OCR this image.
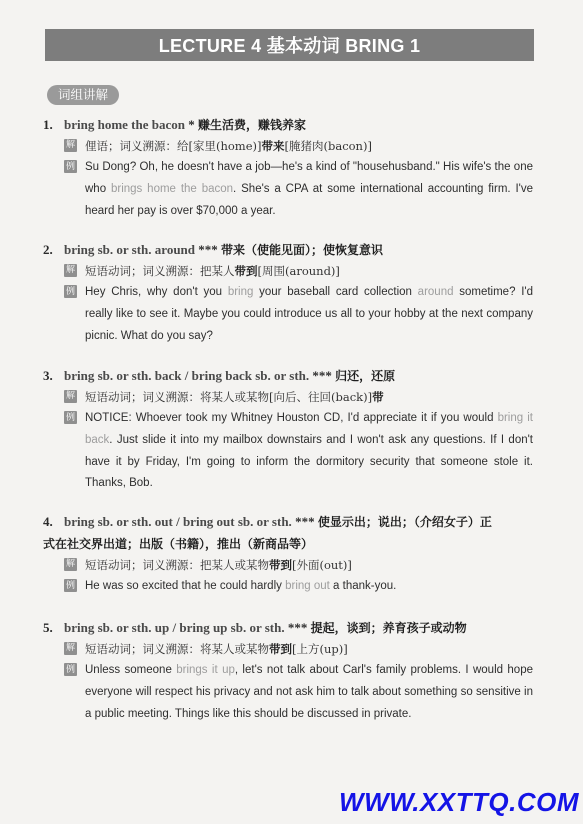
LECTURE 4 基本动词 BRING 1
词组讲解
1. bring home the bacon * 赚生活费，赚钱养家
解 俚语；词义溯源：给[家里(home)]带来[腌猪肉(bacon)]
例 Su Dong? Oh, he doesn't have a job—he's a kind of "househusband." His wife's the one who brings home the bacon. She's a CPA at some international accounting firm. I've heard her pay is over $70,000 a year.
2. bring sb. or sth. around *** 带来（使能见面）；使恢复意识
解 短语动词；词义溯源：把某人带到[周围(around)]
例 Hey Chris, why don't you bring your baseball card collection around sometime? I'd really like to see it. Maybe you could introduce us all to your hobby at the next company picnic. What do you say?
3. bring sb. or sth. back / bring back sb. or sth. *** 归还，还原
解 短语动词；词义溯源：将某人或某物[向后、往回(back)]带
例 NOTICE: Whoever took my Whitney Houston CD, I'd appreciate it if you would bring it back. Just slide it into my mailbox downstairs and I won't ask any questions. If I don't have it by Friday, I'm going to inform the dormitory security that someone stole it. Thanks, Bob.
4. bring sb. or sth. out / bring out sb. or sth. *** 使显示出；说出；（介绍女子）正
式在社交界出道；出版（书籍），推出（新商品等）
解 短语动词；词义溯源：把某人或某物带到[外面(out)]
例 He was so excited that he could hardly bring out a thank-you.
5. bring sb. or sth. up / bring up sb. or sth. *** 提起，谈到；养育孩子或动物
解 短语动词；词义溯源：将某人或某物带到[上方(up)]
例 Unless someone brings it up, let's not talk about Carl's family problems. I would hope everyone will respect his privacy and not ask him to talk about something so sensitive in a public meeting. Things like this should be discussed in private.
WWW.XXTTQ.COM
